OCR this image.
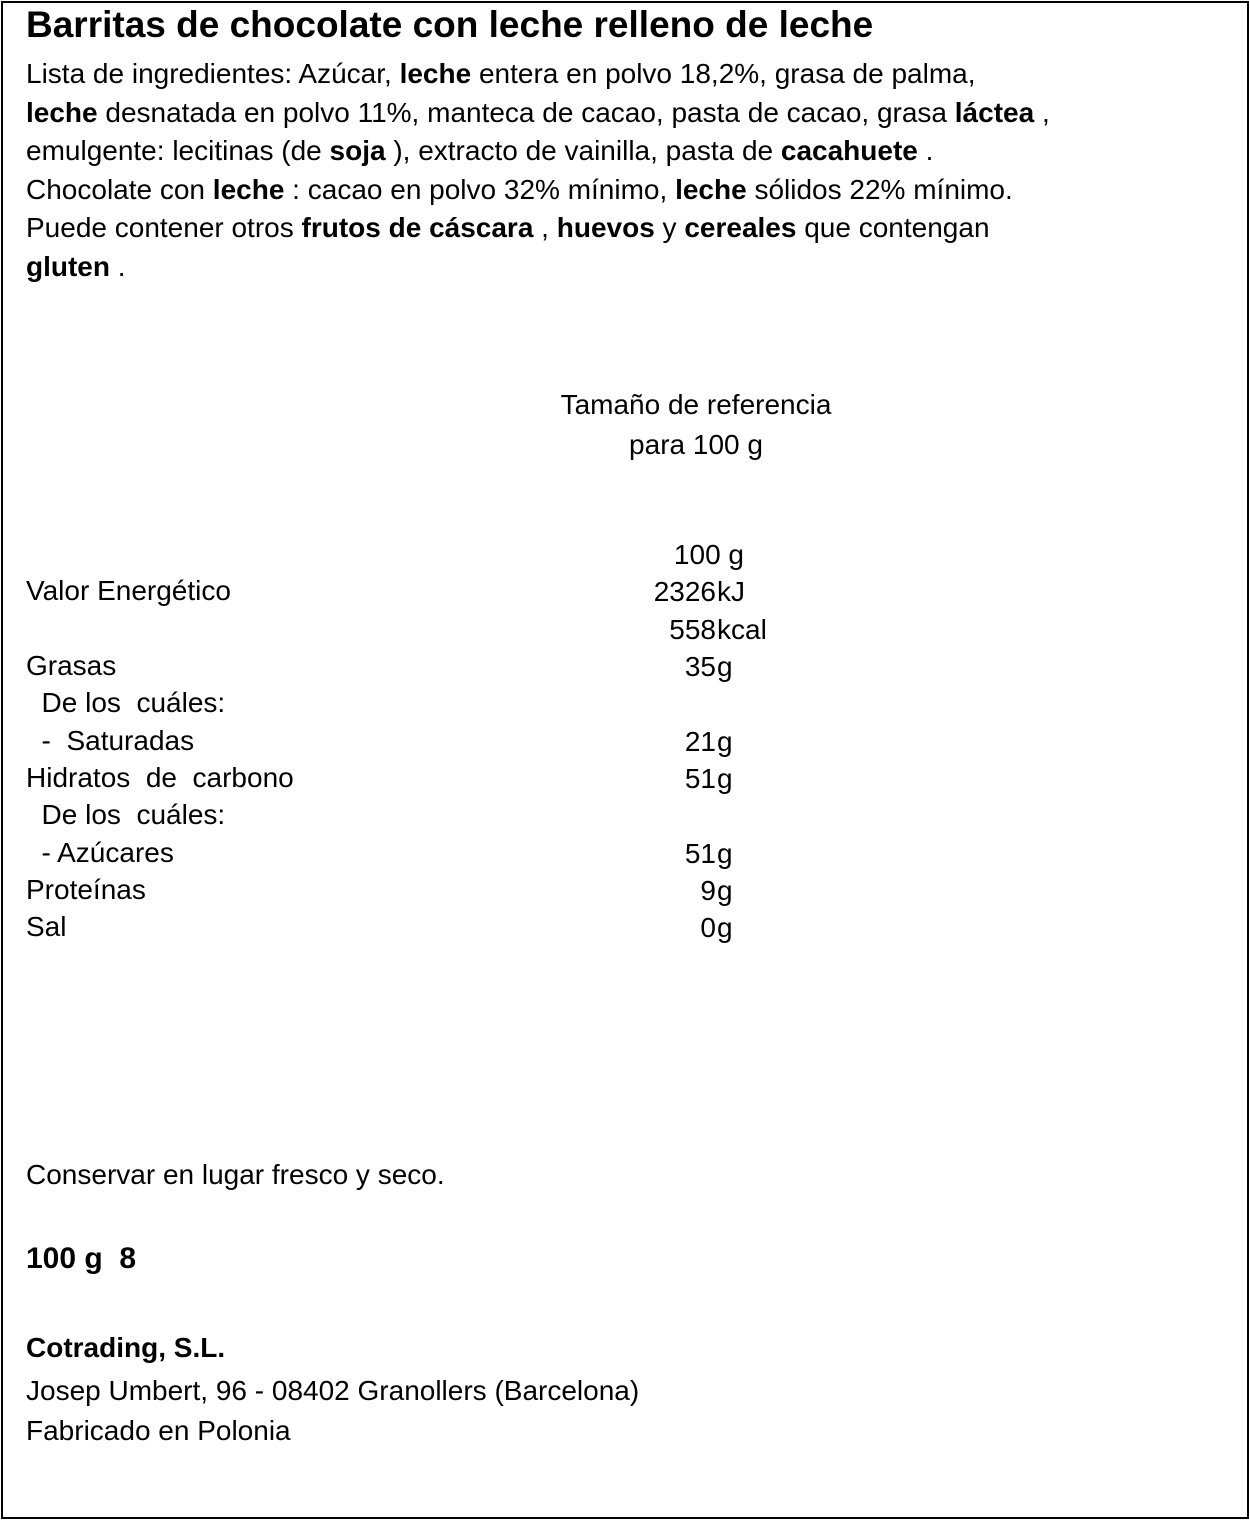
Barritas de chocolate con leche relleno de leche
Lista de ingredientes: Azúcar, leche entera en polvo 18,2%, grasa de palma,
leche desnatada en polvo 11%, manteca de cacao, pasta de cacao, grasa láctea ,
emulgente: lecitinas (de soja ), extracto de vainilla, pasta de cacahuete .
Chocolate con leche : cacao en polvo 32% mínimo, leche sólidos 22% mínimo.
Puede contener otros frutos de cáscara , huevos y cereales que contengan
gluten .
Tamaño de referencia
para 100 g
100 g
Valor Energético	2326 kJ
558 kcal
Grasas	35 g
De los  cuáles:
-  Saturadas	21 g
Hidratos  de  carbono	51 g
De los  cuáles:
- Azúcares	51 g
Proteínas	9 g
Sal	0 g
Conservar en lugar fresco y seco.
100 g  8
Cotrading, S.L.
Josep Umbert, 96 - 08402 Granollers (Barcelona)
Fabricado en Polonia
